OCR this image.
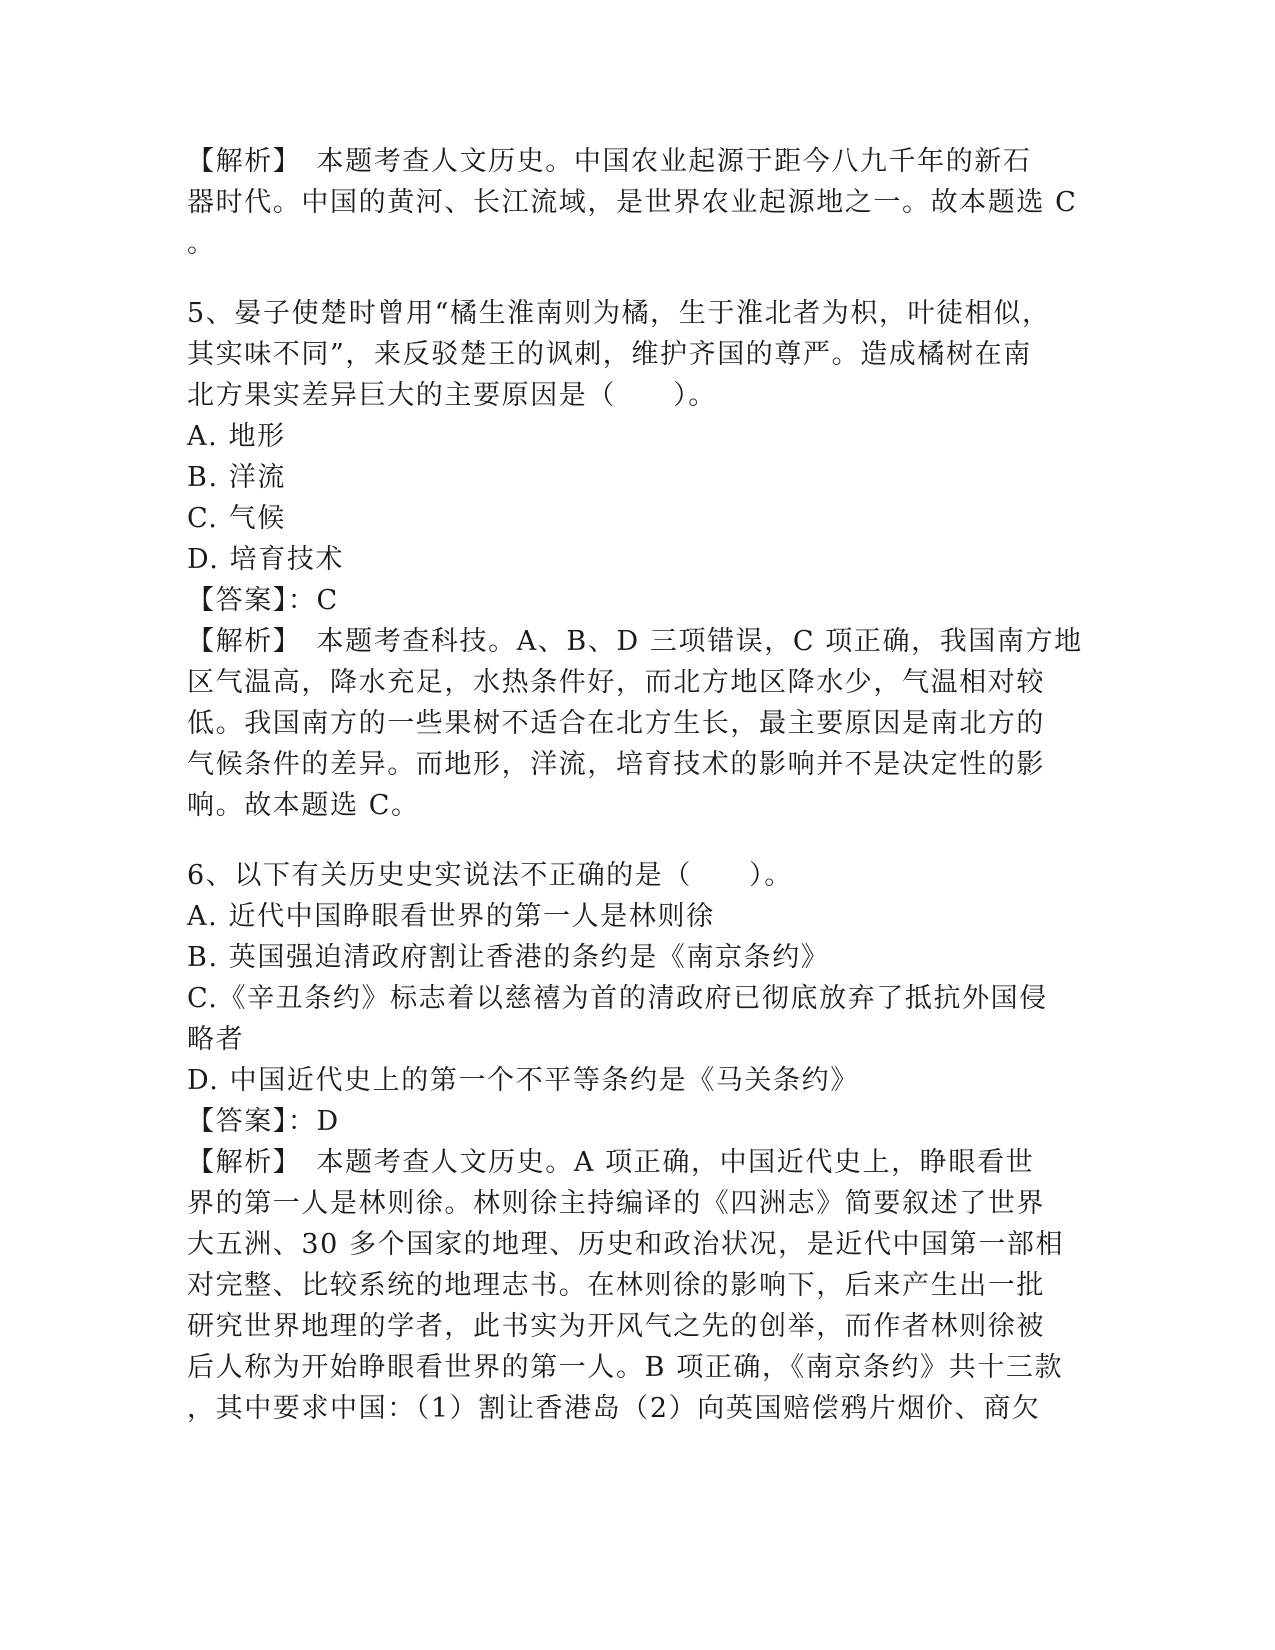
【解析】　本题考查人文历史。中国农业起源于距今八九千年的新石
器时代。中国的黄河、长江流域，是世界农业起源地之一。故本题选 C
。
5、晏子使楚时曾用“橘生淮南则为橘，生于淮北者为枳，叶徒相似，
其实味不同”，来反驳楚王的讽刺，维护齐国的尊严。造成橘树在南
北方果实差异巨大的主要原因是（　　）。
A. 地形
B. 洋流
C. 气候
D. 培育技术
【答案】：C
【解析】　本题考查科技。A、B、D 三项错误，C 项正确，我国南方地
区气温高，降水充足，水热条件好，而北方地区降水少，气温相对较
低。我国南方的一些果树不适合在北方生长，最主要原因是南北方的
气候条件的差异。而地形，洋流，培育技术的影响并不是决定性的影
响。故本题选 C。
6、以下有关历史史实说法不正确的是（　　）。
A. 近代中国睁眼看世界的第一人是林则徐
B. 英国强迫清政府割让香港的条约是《南京条约》
C.《辛丑条约》标志着以慈禧为首的清政府已彻底放弃了抵抗外国侵
略者
D. 中国近代史上的第一个不平等条约是《马关条约》
【答案】：D
【解析】　本题考查人文历史。A 项正确，中国近代史上，睁眼看世
界的第一人是林则徐。林则徐主持编译的《四洲志》简要叙述了世界
大五洲、30 多个国家的地理、历史和政治状况，是近代中国第一部相
对完整、比较系统的地理志书。在林则徐的影响下，后来产生出一批
研究世界地理的学者，此书实为开风气之先的创举，而作者林则徐被
后人称为开始睁眼看世界的第一人。B 项正确，《南京条约》共十三款
，其中要求中国：（1）割让香港岛（2）向英国赔偿鸦片烟价、商欠
